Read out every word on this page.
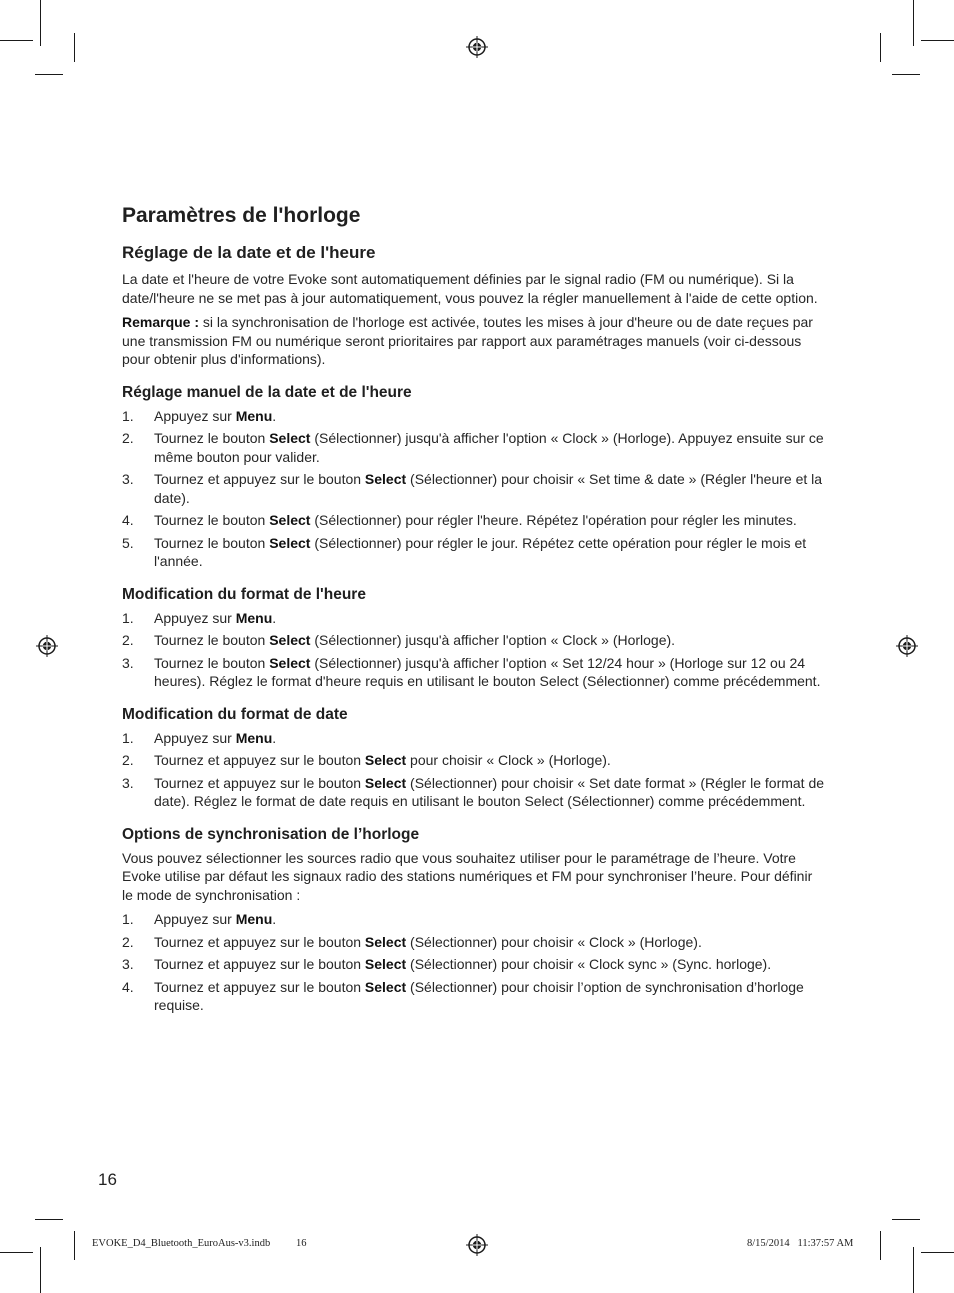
Paramètres de l'horloge
Réglage de la date et de l'heure

La date et l'heure de votre Evoke sont automatiquement définies par le signal radio (FM ou numérique). Si la date/l'heure ne se met pas à jour automatiquement, vous pouvez la régler manuellement à l'aide de cette option.

Remarque : si la synchronisation de l'horloge est activée, toutes les mises à jour d'heure ou de date reçues par une transmission FM ou numérique seront prioritaires par rapport aux paramétrages manuels (voir ci-dessous pour obtenir plus d'informations).

Réglage manuel de la date et de l'heure
1. Appuyez sur Menu.
2. Tournez le bouton Select (Sélectionner) jusqu'à afficher l'option « Clock » (Horloge). Appuyez ensuite sur ce même bouton pour valider.
3. Tournez et appuyez sur le bouton Select (Sélectionner) pour choisir « Set time & date » (Régler l'heure et la date).
4. Tournez le bouton Select (Sélectionner) pour régler l'heure. Répétez l'opération pour régler les minutes.
5. Tournez le bouton Select (Sélectionner) pour régler le jour. Répétez cette opération pour régler le mois et l'année.
Modification du format de l'heure
1. Appuyez sur Menu.
2. Tournez le bouton Select (Sélectionner) jusqu'à afficher l'option « Clock » (Horloge).
3. Tournez le bouton Select (Sélectionner) jusqu'à afficher l'option « Set 12/24 hour » (Horloge sur 12 ou 24 heures). Réglez le format d'heure requis en utilisant le bouton Select (Sélectionner) comme précédemment.
Modification du format de date
1. Appuyez sur Menu.
2. Tournez et appuyez sur le bouton Select pour choisir « Clock » (Horloge).
3. Tournez et appuyez sur le bouton Select (Sélectionner) pour choisir « Set date format » (Régler le format de date). Réglez le format de date requis en utilisant le bouton Select (Sélectionner) comme précédemment.
Options de synchronisation de l’horloge

Vous pouvez sélectionner les sources radio que vous souhaitez utiliser pour le paramétrage de l’heure. Votre Evoke utilise par défaut les signaux radio des stations numériques et FM pour synchroniser l’heure. Pour définir le mode de synchronisation :

1. Appuyez sur Menu.
2. Tournez et appuyez sur le bouton Select (Sélectionner) pour choisir « Clock » (Horloge).
3. Tournez et appuyez sur le bouton Select (Sélectionner) pour choisir « Clock sync » (Sync. horloge).
4. Tournez et appuyez sur le bouton Select (Sélectionner) pour choisir l’option de synchronisation d’horloge requise.
16
EVOKE_D4_Bluetooth_EuroAus-v3.indb 16	8/15/2014   11:37:57 AM
